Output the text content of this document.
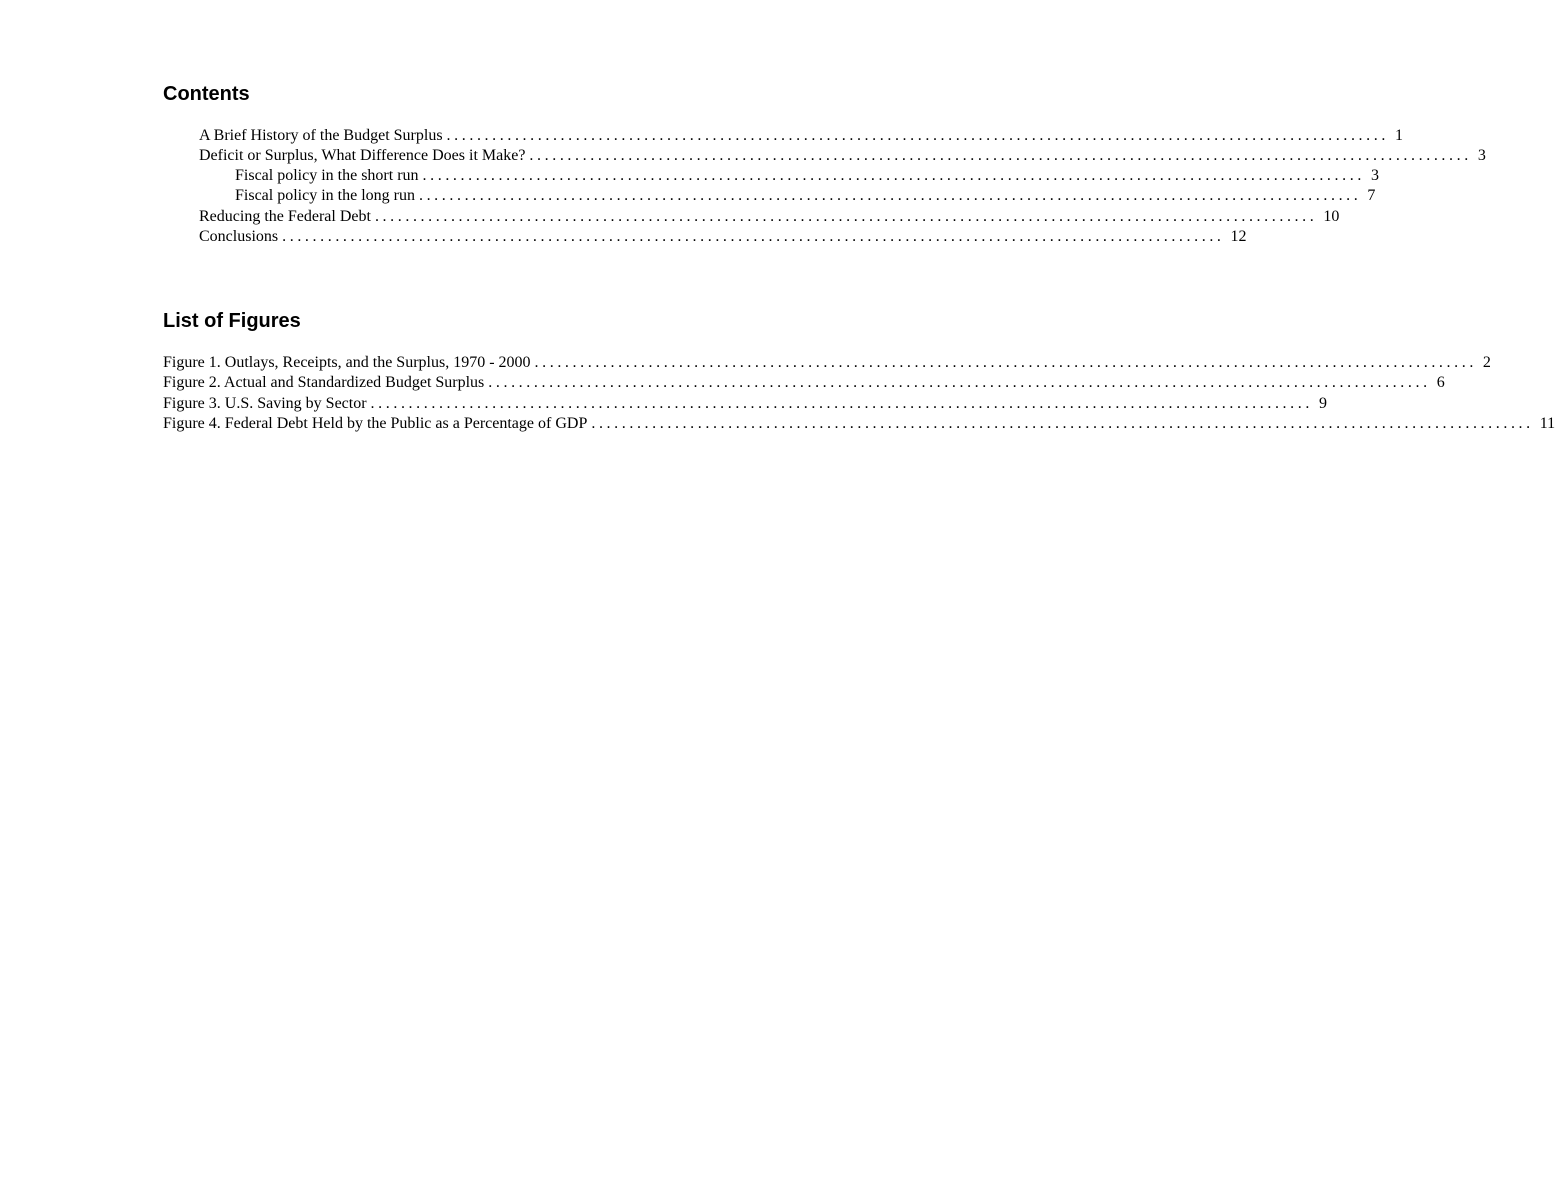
Contents
A Brief History of the Budget Surplus ............................................................................................................................ 1
Deficit or Surplus, What Difference Does it Make? ............................................................................................................................ 3
Fiscal policy in the short run ............................................................................................................................ 3
Fiscal policy in the long run ............................................................................................................................ 7
Reducing the Federal Debt ............................................................................................................................ 10
Conclusions ............................................................................................................................ 12
List of Figures
Figure 1. Outlays, Receipts, and the Surplus, 1970 - 2000 ............................................................................................................................ 2
Figure 2. Actual and Standardized Budget Surplus ............................................................................................................................ 6
Figure 3. U.S. Saving by Sector ............................................................................................................................ 9
Figure 4. Federal Debt Held by the Public as a Percentage of GDP ............................................................................................................................ 11
